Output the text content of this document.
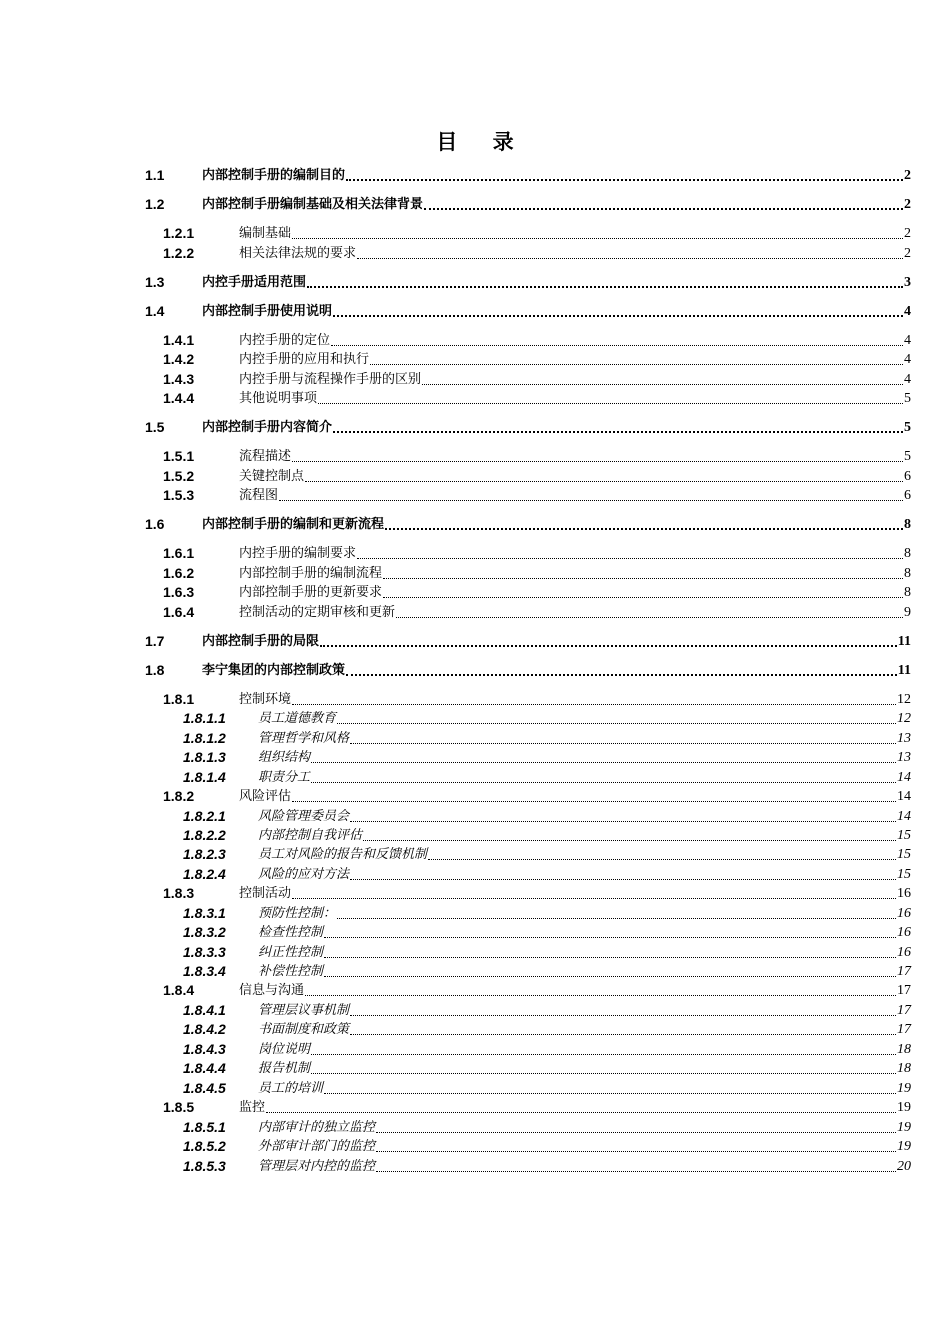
目 录
1.1	内部控制手册的编制目的	2
1.2	内部控制手册编制基础及相关法律背景	2
1.2.1	编制基础	2
1.2.2	相关法律法规的要求	2
1.3	内控手册适用范围	3
1.4	内部控制手册使用说明	4
1.4.1	内控手册的定位	4
1.4.2	内控手册的应用和执行	4
1.4.3	内控手册与流程操作手册的区别	4
1.4.4	其他说明事项	5
1.5	内部控制手册内容简介	5
1.5.1	流程描述	5
1.5.2	关键控制点	6
1.5.3	流程图	6
1.6	内部控制手册的编制和更新流程	8
1.6.1	内控手册的编制要求	8
1.6.2	内部控制手册的编制流程	8
1.6.3	内部控制手册的更新要求	8
1.6.4	控制活动的定期审核和更新	9
1.7	内部控制手册的局限	11
1.8	李宁集团的内部控制政策	11
1.8.1	控制环境	12
1.8.1.1	员工道德教育	12
1.8.1.2	管理哲学和风格	13
1.8.1.3	组织结构	13
1.8.1.4	职责分工	14
1.8.2	风险评估	14
1.8.2.1	风险管理委员会	14
1.8.2.2	内部控制自我评估	15
1.8.2.3	员工对风险的报告和反馈机制	15
1.8.2.4	风险的应对方法	15
1.8.3	控制活动	16
1.8.3.1	预防性控制：	16
1.8.3.2	检查性控制	16
1.8.3.3	纠正性控制	16
1.8.3.4	补偿性控制	17
1.8.4	信息与沟通	17
1.8.4.1	管理层议事机制	17
1.8.4.2	书面制度和政策	17
1.8.4.3	岗位说明	18
1.8.4.4	报告机制	18
1.8.4.5	员工的培训	19
1.8.5	监控	19
1.8.5.1	内部审计的独立监控	19
1.8.5.2	外部审计部门的监控	19
1.8.5.3	管理层对内控的监控	20
